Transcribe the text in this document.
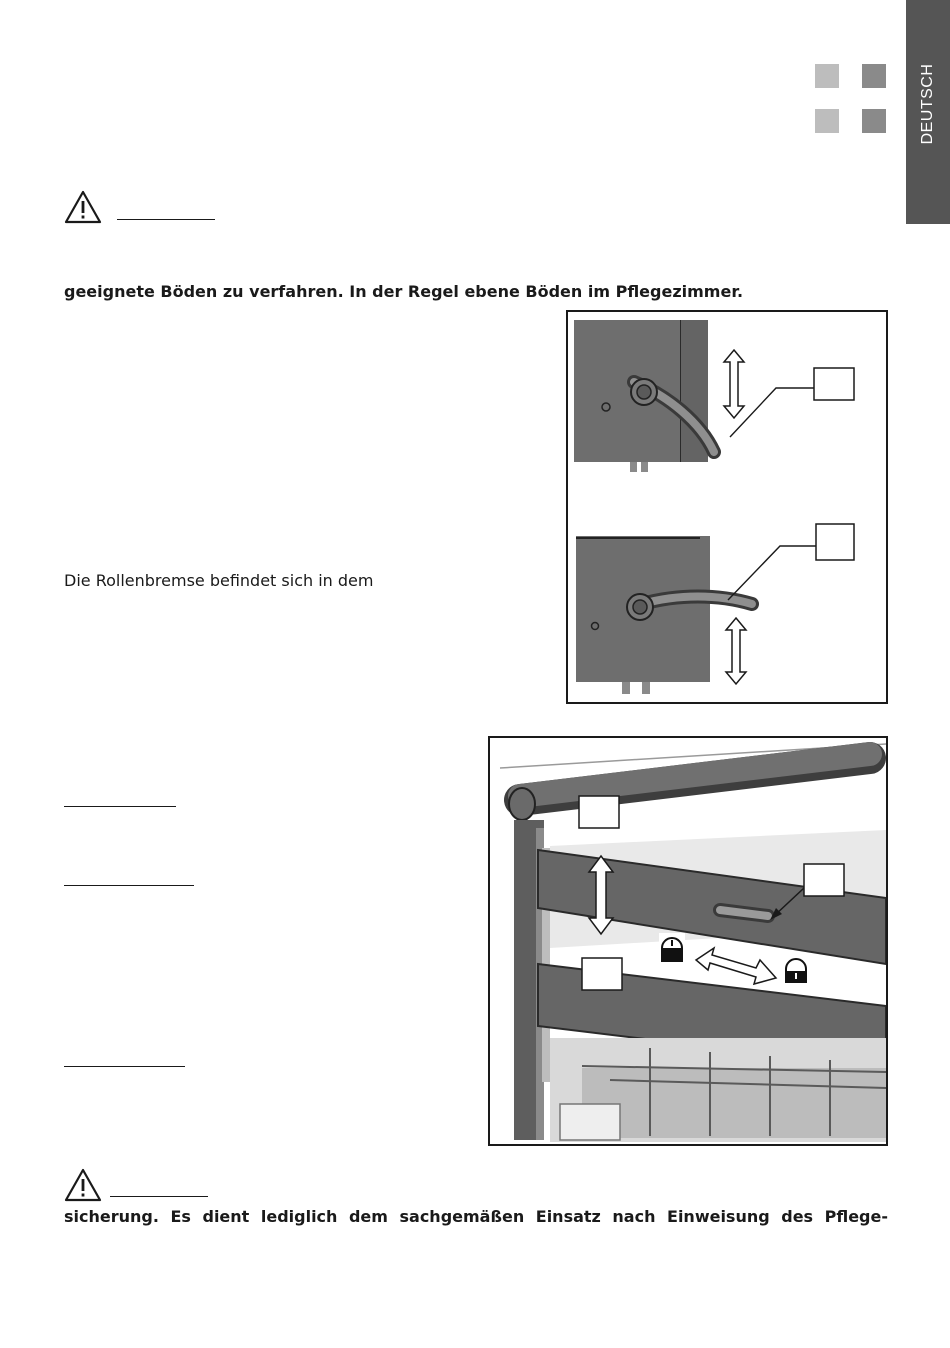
DEUTSCH
geeignete Böden zu verfahren. In der Regel ebene Böden im Pflegezimmer.
Die Rollenbremse befindet sich in dem
sicherung. Es dient lediglich dem sachgemäßen Einsatz nach Einweisung des Pflege-
